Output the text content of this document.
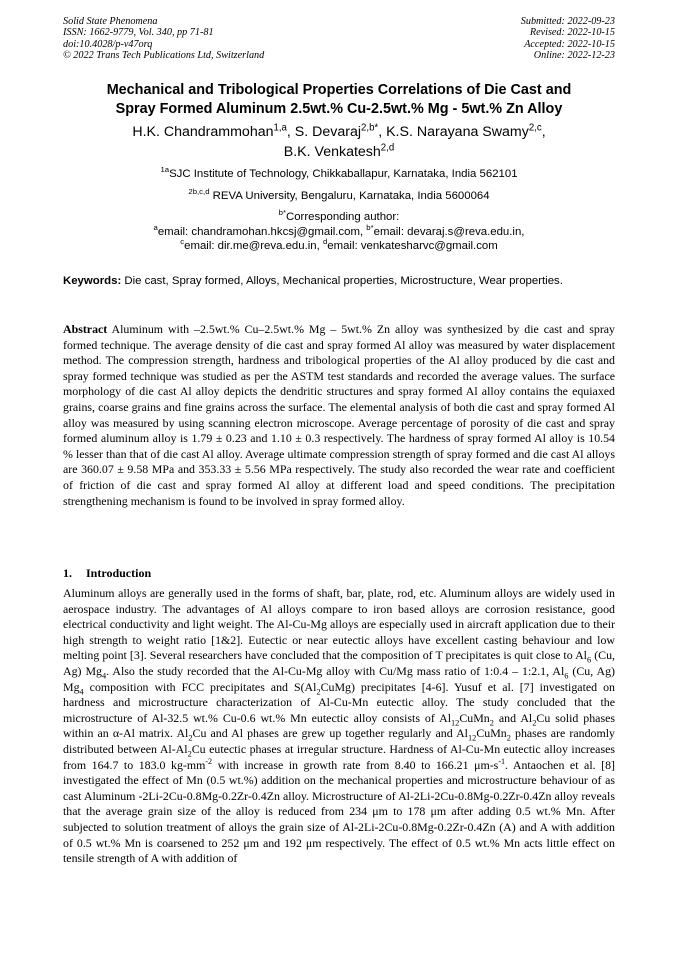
Solid State Phenomena
ISSN: 1662-9779, Vol. 340, pp 71-81
doi:10.4028/p-v47orq
© 2022 Trans Tech Publications Ltd, Switzerland
Submitted: 2022-09-23
Revised: 2022-10-15
Accepted: 2022-10-15
Online: 2022-12-23
Mechanical and Tribological Properties Correlations of Die Cast and
Spray Formed Aluminum 2.5wt.% Cu-2.5wt.% Mg - 5wt.% Zn Alloy
H.K. Chandrammohan$^{1,a}$, S. Devaraj$^{2,b*}$, K.S. Narayana Swamy$^{2,c}$,
B.K. Venkatesh$^{2,d}$
$^{1a}$SJC Institute of Technology, Chikkaballapur, Karnataka, India 562101
$^{2b,c,d}$ REVA University, Bengaluru, Karnataka, India 5600064
$^{b*}$Corresponding author:
$^a$email: chandramohan.hkcsj@gmail.com, $^{b*}$email: devaraj.s@reva.edu.in,
$^c$email: dir.me@reva.edu.in, $^d$email: venkatesharvc@gmail.com
Keywords: Die cast, Spray formed, Alloys, Mechanical properties, Microstructure, Wear properties.
Abstract Aluminum with –2.5wt.% Cu–2.5wt.% Mg – 5wt.% Zn alloy was synthesized by die cast and spray formed technique. The average density of die cast and spray formed Al alloy was measured by water displacement method. The compression strength, hardness and tribological properties of the Al alloy produced by die cast and spray formed technique was studied as per the ASTM test standards and recorded the average values. The surface morphology of die cast Al alloy depicts the dendritic structures and spray formed Al alloy contains the equiaxed grains, coarse grains and fine grains across the surface. The elemental analysis of both die cast and spray formed Al alloy was measured by using scanning electron microscope. Average percentage of porosity of die cast and spray formed aluminum alloy is 1.79 ± 0.23 and 1.10 ± 0.3 respectively. The hardness of spray formed Al alloy is 10.54 % lesser than that of die cast Al alloy. Average ultimate compression strength of spray formed and die cast Al alloys are 360.07 ± 9.58 MPa and 353.33 ± 5.56 MPa respectively. The study also recorded the wear rate and coefficient of friction of die cast and spray formed Al alloy at different load and speed conditions. The precipitation strengthening mechanism is found to be involved in spray formed alloy.
1. Introduction
Aluminum alloys are generally used in the forms of shaft, bar, plate, rod, etc. Aluminum alloys are widely used in aerospace industry. The advantages of Al alloys compare to iron based alloys are corrosion resistance, good electrical conductivity and light weight. The Al-Cu-Mg alloys are especially used in aircraft application due to their high strength to weight ratio [1&2]. Eutectic or near eutectic alloys have excellent casting behaviour and low melting point [3]. Several researchers have concluded that the composition of T precipitates is quit close to $Al_6$ (Cu, Ag) $Mg_4$. Also the study recorded that the Al-Cu-Mg alloy with Cu/Mg mass ratio of 1:0.4 – 1:2.1, $Al_6$ (Cu, Ag) $Mg_4$ composition with FCC precipitates and $S(Al_2CuMg)$ precipitates [4-6]. Yusuf et al. [7] investigated on hardness and microstructure characterization of Al-Cu-Mn eutectic alloy. The study concluded that the microstructure of Al-32.5 wt.% Cu-0.6 wt.% Mn eutectic alloy consists of $Al_{12}CuMn_2$ and $Al_2Cu$ solid phases within an α-Al matrix. $Al_2Cu$ and Al phases are grew up together regularly and $Al_{12}CuMn_2$ phases are randomly distributed between $Al-Al_2Cu$ eutectic phases at irregular structure. Hardness of Al-Cu-Mn eutectic alloy increases from 164.7 to 183.0 $kg-mm^{-2}$ with increase in growth rate from 8.40 to 166.21 $\mu m-s^{-1}$. Antaochen et al. [8] investigated the effect of Mn (0.5 wt.%) addition on the mechanical properties and microstructure behaviour of as cast Aluminum -2Li-2Cu-0.8Mg-0.2Zr-0.4Zn alloy. Microstructure of Al-2Li-2Cu-0.8Mg-0.2Zr-0.4Zn alloy reveals that the average grain size of the alloy is reduced from 234 μm to 178 μm after adding 0.5 wt.% Mn. After subjected to solution treatment of alloys the grain size of Al-2Li-2Cu-0.8Mg-0.2Zr-0.4Zn (A) and A with addition of 0.5 wt.% Mn is coarsened to 252 μm and 192 μm respectively. The effect of 0.5 wt.% Mn acts little effect on tensile strength of A with addition of
